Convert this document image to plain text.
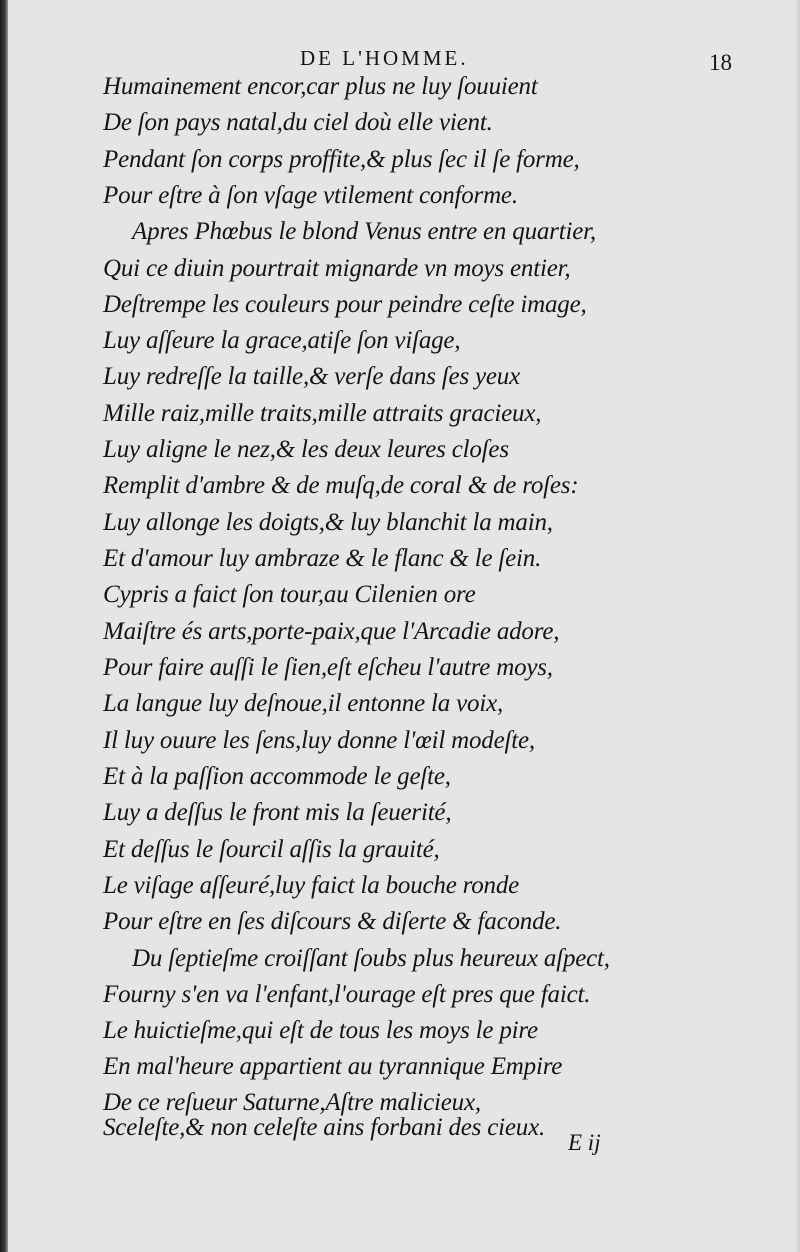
DE L'HOMME.	18
Humainement encor,car plus ne luy ſouuient
De ſon pays natal,du ciel doù elle vient.
Pendant ſon corps proffite,& plus ſec il ſe forme,
Pour eſtre à ſon vſage vtilement conforme.
Apres Phœbus le blond Venus entre en quartier,
Qui ce diuin pourtrait mignarde vn moys entier,
Deſtrempe les couleurs pour peindre ceſte image,
Luy aſſeure la grace,atiſe ſon viſage,
Luy redreſſe la taille,& verſe dans ſes yeux
Mille raiz,mille traits,mille attraits gracieux,
Luy aligne le nez,& les deux leures cloſes
Remplit d'ambre & de muſq,de coral & de roſes:
Luy allonge les doigts,& luy blanchit la main,
Et d'amour luy ambraze & le flanc & le ſein.
Cypris a faict ſon tour,au Cilenien ore
Maiſtre és arts,porte-paix,que l'Arcadie adore,
Pour faire auſſi le ſien,eſt eſcheu l'autre moys,
La langue luy deſnoue,il entonne la voix,
Il luy ouure les ſens,luy donne l'œil modeſte,
Et à la paſſion accommode le geſte,
Luy a deſſus le front mis la ſeuerité,
Et deſſus le ſourcil aſſis la grauité,
Le viſage aſſeuré,luy faict la bouche ronde
Pour eſtre en ſes diſcours & diſerte & faconde.
Du ſeptieſme croiſſant ſoubs plus heureux aſpect,
Fourny s'en va l'enfant,l'ourage eſt pres que faict.
Le huictieſme,qui eſt de tous les moys le pire
En mal'heure appartient au tyrannique Empire
De ce reſueur Saturne,Aſtre malicieux,
Sceleſte,& non celeſte ains forbani des cieux.
E ij
